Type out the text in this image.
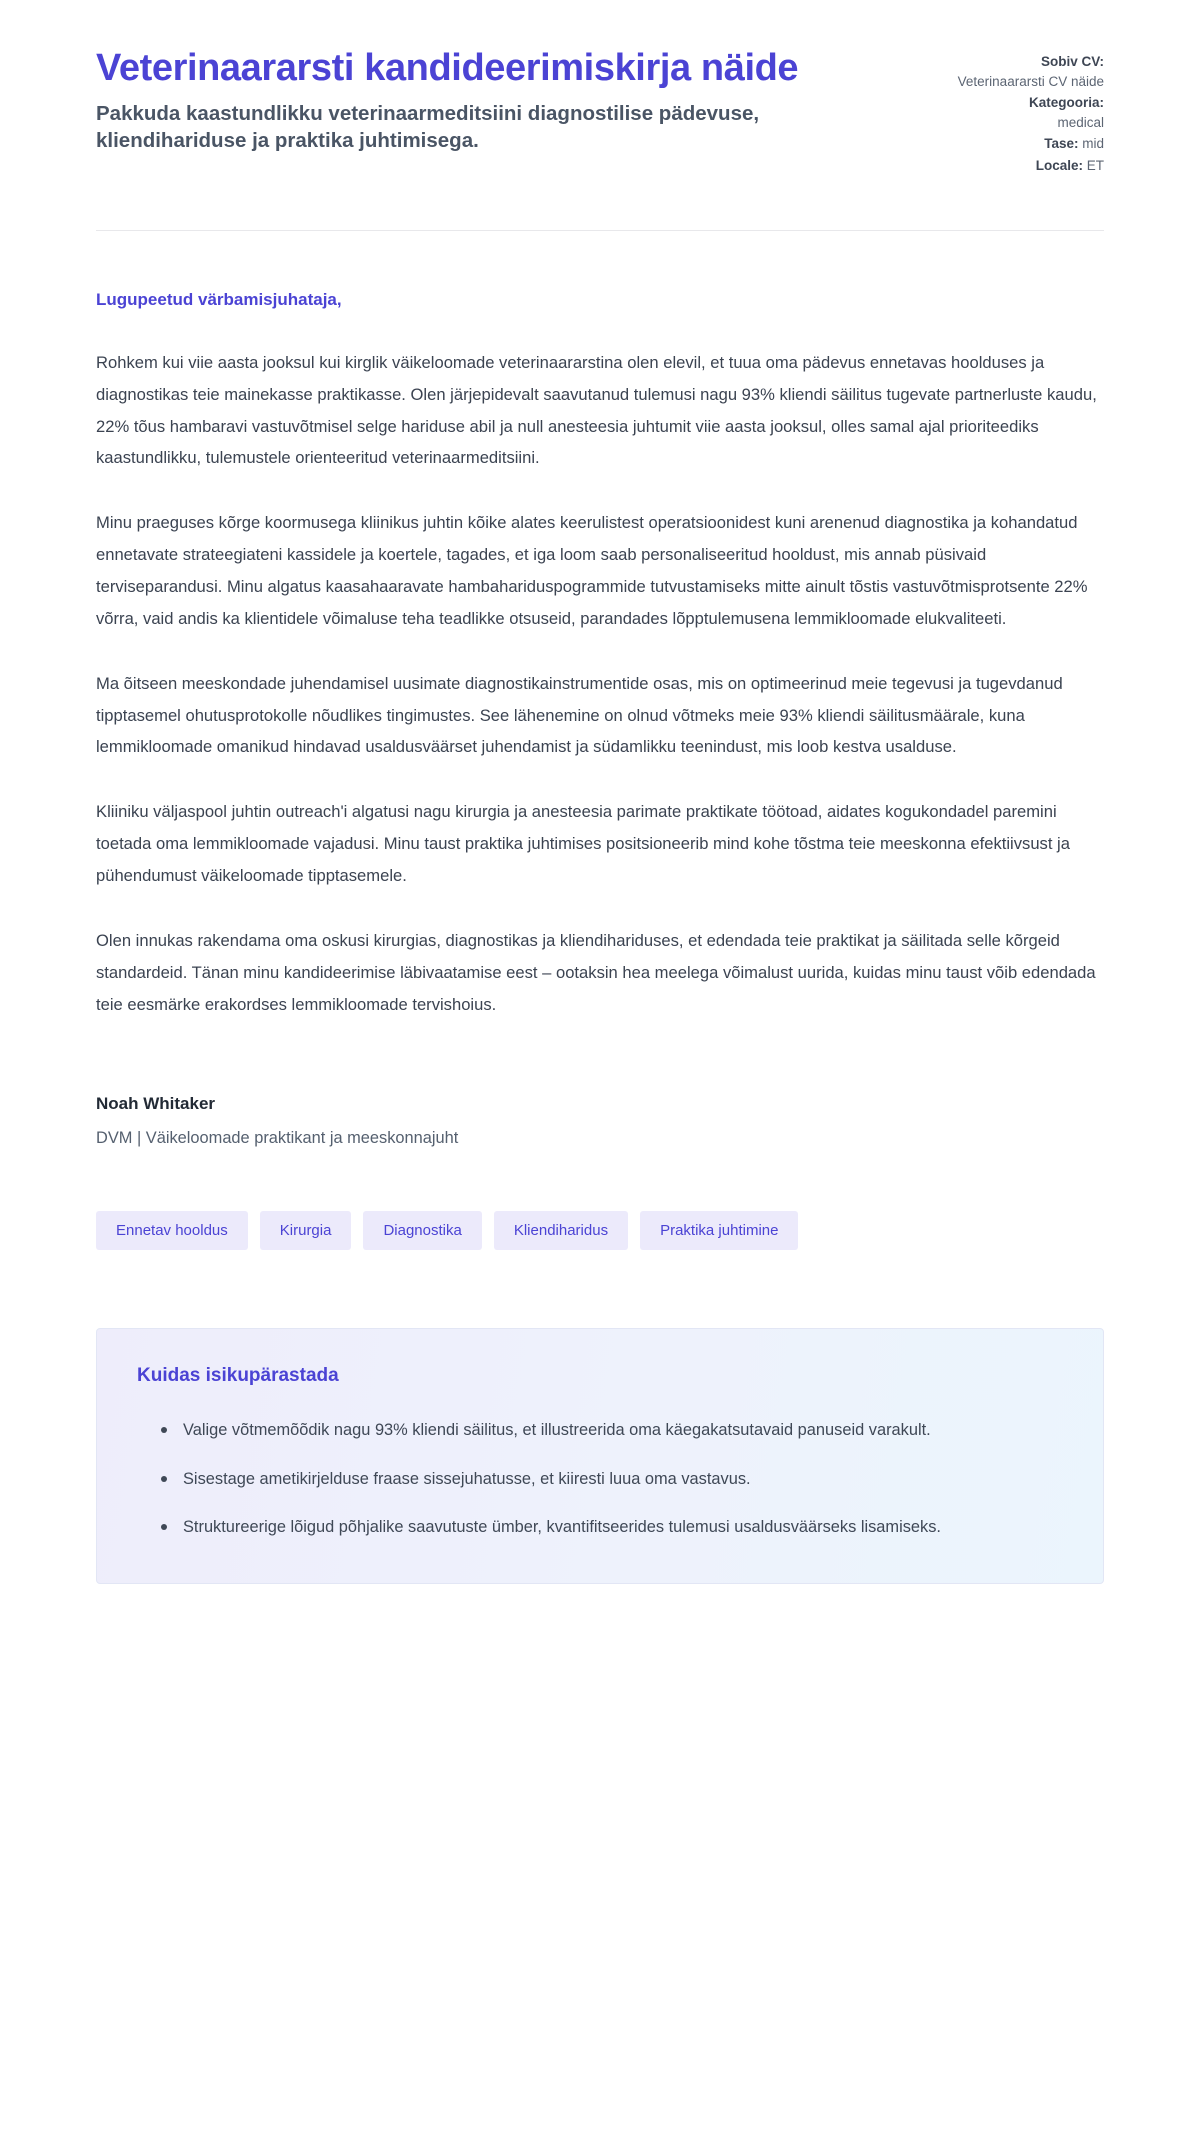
Veterinaararsti kandideerimiskirja näide

Pakkuda kaastundlikku veterinaarmeditsiini diagnostilise pädevuse, kliendihariduse ja praktika juhtimisega.

Sobiv CV:
Veterinaararsti CV näide
Kategooria:
medical
Tase: mid
Locale: ET

Lugupeetud värbamisjuhataja,

Rohkem kui viie aasta jooksul kui kirglik väikeloomade veterinaararstina olen elevil, et tuua oma pädevus ennetavas hoolduses ja diagnostikas teie mainekasse praktikasse. Olen järjepidevalt saavutanud tulemusi nagu 93% kliendi säilitus tugevate partnerluste kaudu, 22% tõus hambaravi vastuvõtmisel selge hariduse abil ja null anesteesia juhtumit viie aasta jooksul, olles samal ajal prioriteediks kaastundlikku, tulemustele orienteeritud veterinaarmeditsiini.

Minu praeguses kõrge koormusega kliinikus juhtin kõike alates keerulistest operatsioonidest kuni arenenud diagnostika ja kohandatud ennetavate strateegiateni kassidele ja koertele, tagades, et iga loom saab personaliseeritud hooldust, mis annab püsivaid terviseparandusi. Minu algatus kaasahaaravate hambahariduspogrammide tutvustamiseks mitte ainult tõstis vastuvõtmisprotsente 22% võrra, vaid andis ka klientidele võimaluse teha teadlikke otsuseid, parandades lõpptulemusena lemmikloomade elukvaliteeti.

Ma õitseen meeskondade juhendamisel uusimate diagnostikainstrumentide osas, mis on optimeerinud meie tegevusi ja tugevdanud tipptasemel ohutusprotokolle nõudlikes tingimustes. See lähenemine on olnud võtmeks meie 93% kliendi säilitusmäärale, kuna lemmikloomade omanikud hindavad usaldusväärset juhendamist ja südamlikku teenindust, mis loob kestva usalduse.

Kliiniku väljaspool juhtin outreach'i algatusi nagu kirurgia ja anesteesia parimate praktikate töötoad, aidates kogukondadel paremini toetada oma lemmikloomade vajadusi. Minu taust praktika juhtimises positsioneerib mind kohe tõstma teie meeskonna efektiivsust ja pühendumust väikeloomade tipptasemele.

Olen innukas rakendama oma oskusi kirurgias, diagnostikas ja kliendihariduses, et edendada teie praktikat ja säilitada selle kõrgeid standardeid. Tänan minu kandideerimise läbivaatamise eest – ootaksin hea meelega võimalust uurida, kuidas minu taust võib edendada teie eesmärke erakordses lemmikloomade tervishoius.

Noah Whitaker

DVM | Väikeloomade praktikant ja meeskonnajuht

Ennetav hooldus	Kirurgia	Diagnostika	Kliendiharidus	Praktika juhtimine
Kuidas isikupärastada
Valige võtmemõõdik nagu 93% kliendi säilitus, et illustreerida oma käegakatsutavaid panuseid varakult.
Sisestage ametikirjelduse fraase sissejuhatusse, et kiiresti luua oma vastavus.
Struktureerige lõigud põhjalike saavutuste ümber, kvantifitseerides tulemusi usaldusväärseks lisamiseks.
